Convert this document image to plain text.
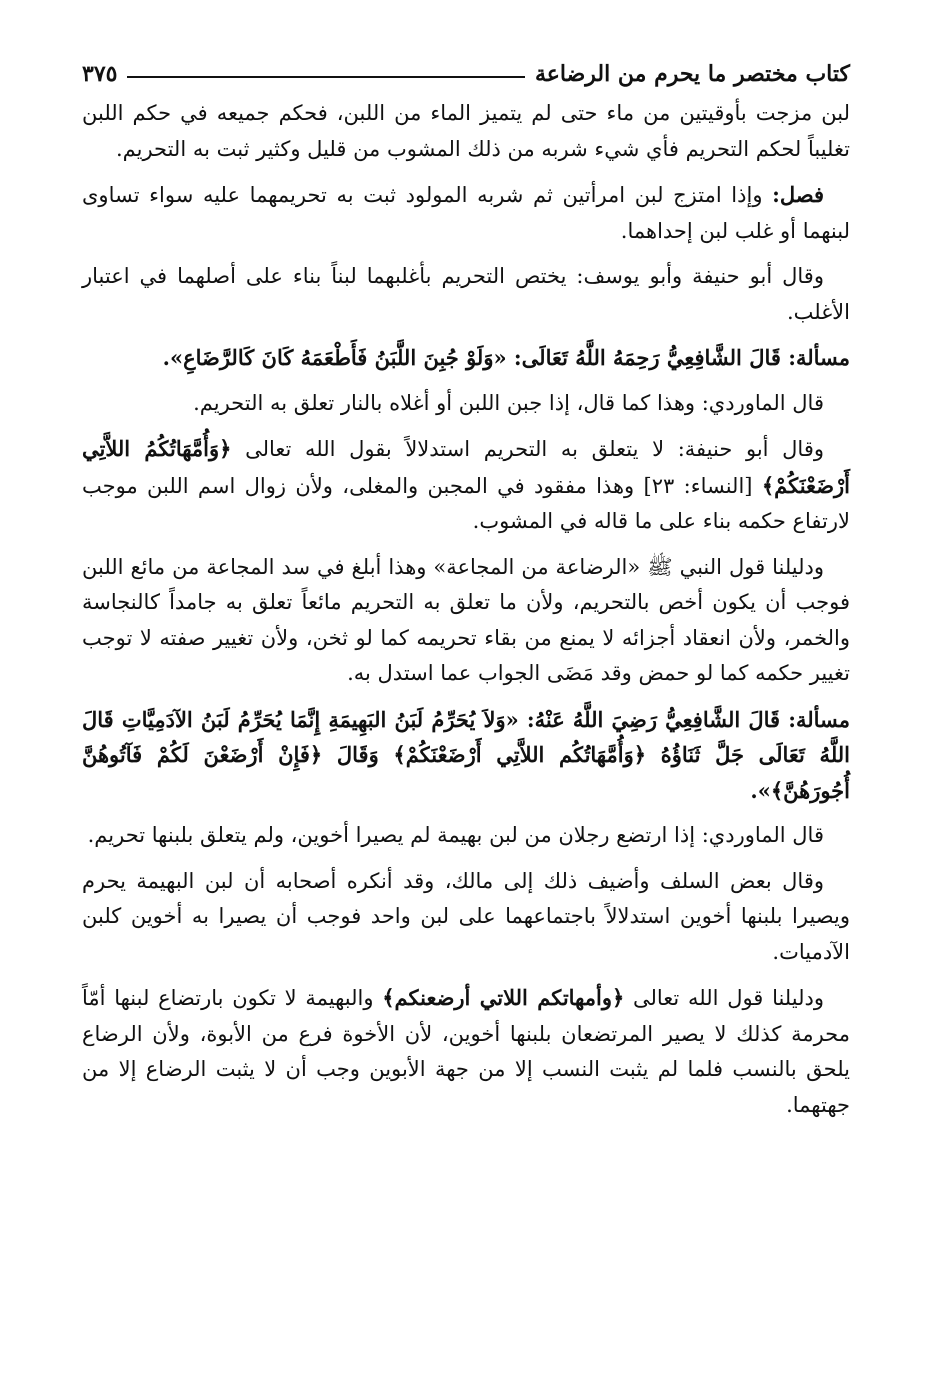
كتاب مختصر ما يحرم من الرضاعة
٣٧٥

لبن مزجت بأوقيتين من ماء حتى لم يتميز الماء من اللبن، فحكم جميعه في حكم اللبن تغليباً لحكم التحريم فأي شيء شربه من ذلك المشوب من قليل وكثير ثبت به التحريم.

فصل: وإذا امتزج لبن امرأتين ثم شربه المولود ثبت به تحريمهما عليه سواء تساوى لبنهما أو غلب لبن إحداهما.

وقال أبو حنيفة وأبو يوسف: يختص التحريم بأغلبهما لبناً بناء على أصلهما في اعتبار الأغلب.

مسألة: قَالَ الشَّافِعِيُّ رَحِمَهُ اللَّهُ تَعَالَى: «وَلَوْ جُبِنَ اللَّبَنُ فَأَطْعَمَهُ كَانَ كَالرَّضَاعِ».

قال الماوردي: وهذا كما قال، إذا جبن اللبن أو أغلاه بالنار تعلق به التحريم.

وقال أبو حنيفة: لا يتعلق به التحريم استدلالاً بقول الله تعالى ﴿وَأُمَّهَاتُكُمُ اللاَّتِي أَرْضَعْنَكُمْ﴾ [النساء: ٢٣] وهذا مفقود في المجبن والمغلى، ولأن زوال اسم اللبن موجب لارتفاع حكمه بناء على ما قاله في المشوب.

ودليلنا قول النبي ﷺ «الرضاعة من المجاعة» وهذا أبلغ في سد المجاعة من مائع اللبن فوجب أن يكون أخص بالتحريم، ولأن ما تعلق به التحريم مائعاً تعلق به جامداً كالنجاسة والخمر، ولأن انعقاد أجزائه لا يمنع من بقاء تحريمه كما لو ثخن، ولأن تغيير صفته لا توجب تغيير حكمه كما لو حمض وقد مَضَى الجواب عما استدل به.

مسألة: قَالَ الشَّافِعِيُّ رَضِيَ اللَّهُ عَنْهُ: «وَلاَ يُحَرِّمُ لَبَنُ البَهِيمَةِ إِنَّمَا يُحَرِّمُ لَبَنُ الآدَمِيَّاتِ قَالَ اللَّهُ تَعَالَى جَلَّ ثَنَاؤُهُ ﴿وَأُمَّهَاتُكُم اللاَّتِي أَرْضَعْنَكُمْ﴾ وَقَالَ ﴿فَإِنْ أَرْضَعْنَ لَكُمْ فَآتُوهُنَّ أُجُورَهُنَّ﴾».

قال الماوردي: إذا ارتضع رجلان من لبن بهيمة لم يصيرا أخوين، ولم يتعلق بلبنها تحريم.

وقال بعض السلف وأضيف ذلك إلى مالك، وقد أنكره أصحابه أن لبن البهيمة يحرم ويصيرا بلبنها أخوين استدلالاً باجتماعهما على لبن واحد فوجب أن يصيرا به أخوين كلبن الآدميات.

ودليلنا قول الله تعالى ﴿وأمهاتكم اللاتي أرضعنكم﴾ والبهيمة لا تكون بارتضاع لبنها أمّاً محرمة كذلك لا يصير المرتضعان بلبنها أخوين، لأن الأخوة فرع من الأبوة، ولأن الرضاع يلحق بالنسب فلما لم يثبت النسب إلا من جهة الأبوين وجب أن لا يثبت الرضاع إلا من جهتهما.
